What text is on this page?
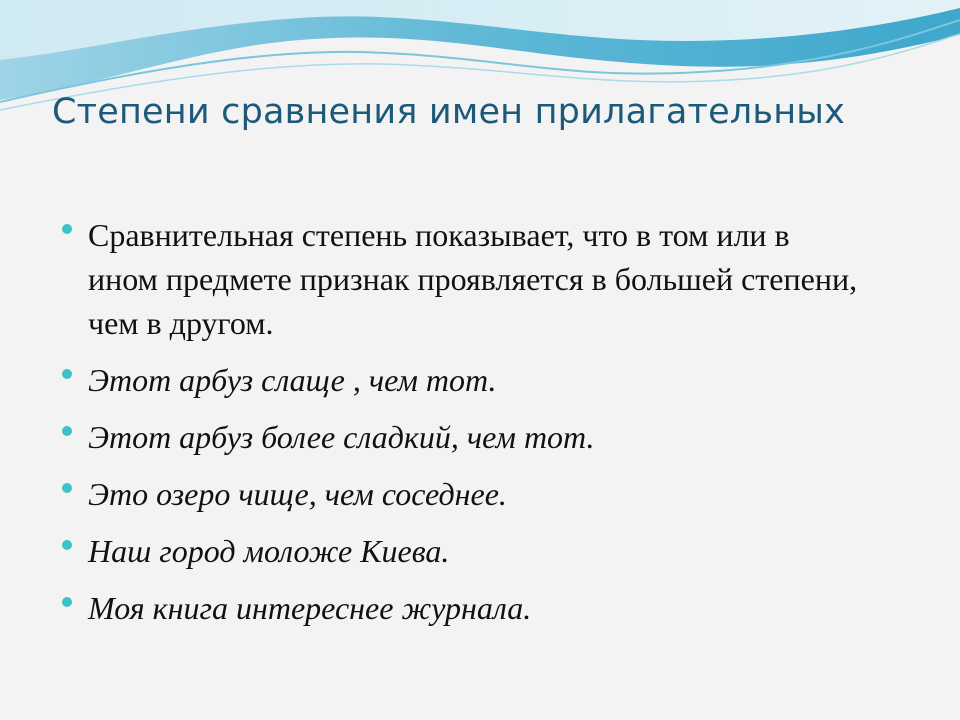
Степени сравнения имен прилагательных
Сравнительная степень показывает, что в том или в ином предмете признак проявляется в большей степени, чем в другом.
Этот арбуз слаще , чем тот.
Этот арбуз более сладкий, чем тот.
Это озеро чище, чем соседнее.
Наш город моложе Киева.
Моя книга интереснее журнала.
